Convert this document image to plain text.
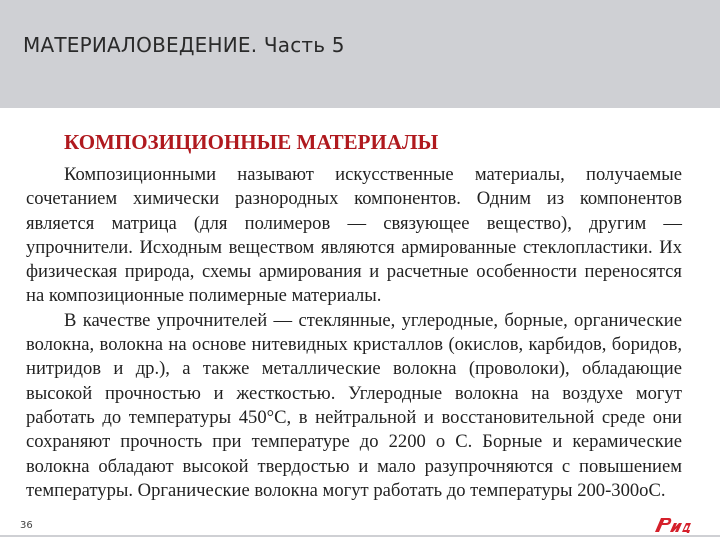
МАТЕРИАЛОВЕДЕНИЕ. Часть 5
КОМПОЗИЦИОННЫЕ МАТЕРИАЛЫ

Композиционными называют искусственные материалы, получаемые сочетанием химически разнородных компонентов. Одним из компонентов является матрица (для полимеров — связующее вещество), другим — упрочнители. Исходным веществом являются армированные стеклопластики. Их физическая природа, схемы армирования и расчетные особенности переносятся на композиционные полимерные материалы.

В качестве упрочнителей — стеклянные, углеродные, борные, органические волокна, волокна на основе нитевидных кристаллов (окислов, карбидов, боридов, нитридов и др.), а также металлические волокна (проволоки), обладающие высокой прочностью и жесткостью. Углеродные волокна на воздухе могут работать до температуры 450°С, в нейтральной и восстановительной среде они сохраняют прочность при температуре до 2200 о С. Борные и керамические волокна обладают высокой твердостью и мало разупрочняются с повышением температуры. Органические волокна могут работать до температуры 200-300оС.

36
